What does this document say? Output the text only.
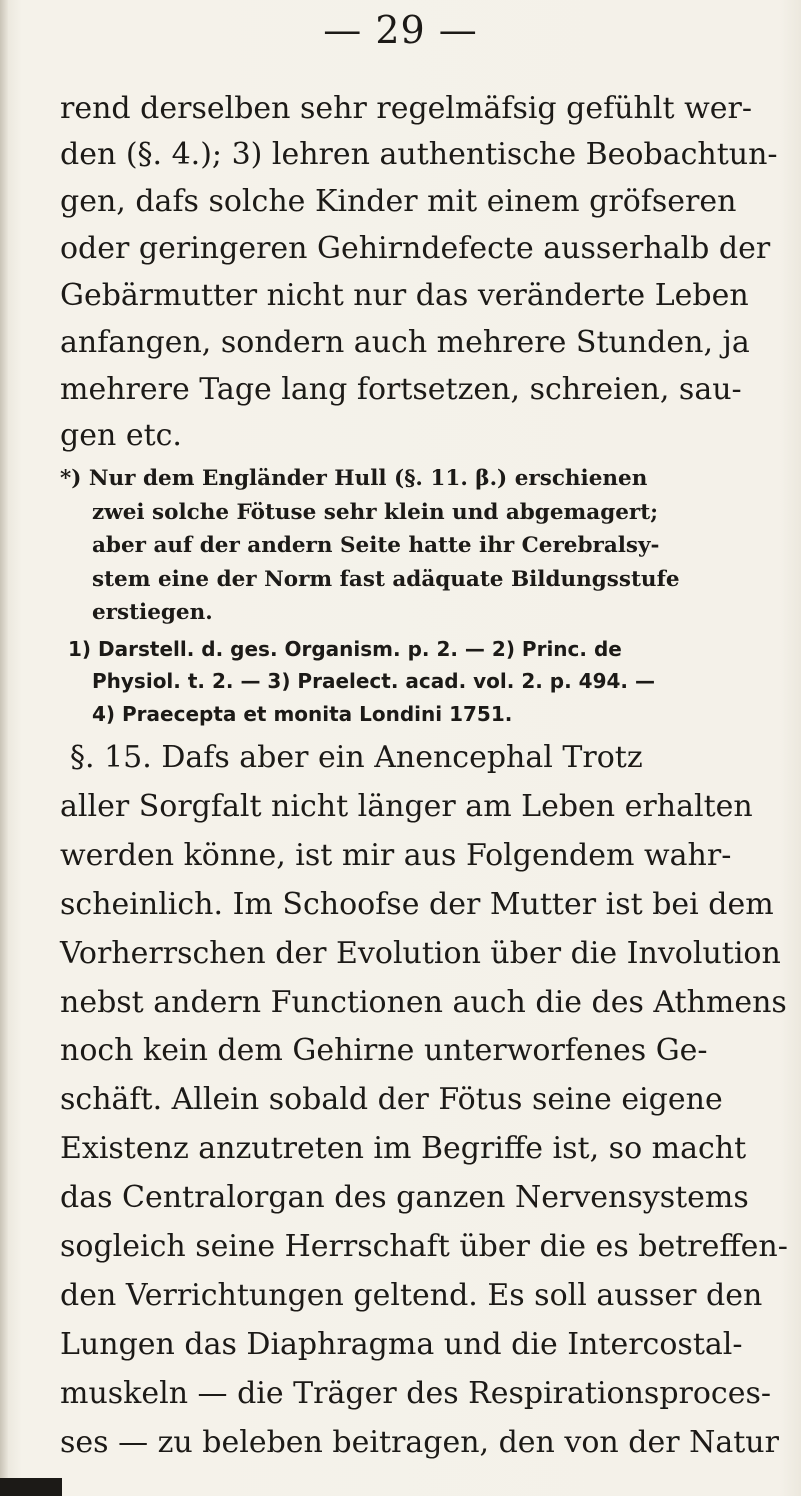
— 29 —
rend derselben sehr regelmäfsig gefühlt wer-
den (§. 4.); 3) lehren authentische Beobachtun-
gen, dafs solche Kinder mit einem gröfseren
oder geringeren Gehirndefecte ausserhalb der
Gebärmutter nicht nur das veränderte Leben
anfangen, sondern auch mehrere Stunden, ja
mehrere Tage lang fortsetzen, schreien, sau-
gen etc.
*) Nur dem Engländer Hull (§. 11. β.) erschienen
zwei solche Fötuse sehr klein und abgemagert;
aber auf der andern Seite hatte ihr Cerebralsy-
stem eine der Norm fast adäquate Bildungsstufe
erstiegen.
1) Darstell. d. ges. Organism. p. 2. — 2) Princ. de
Physiol. t. 2. — 3) Praelect. acad. vol. 2. p. 494. —
4) Praecepta et monita Londini 1751.
§. 15. Dafs aber ein Anencephal Trotz
aller Sorgfalt nicht länger am Leben erhalten
werden könne, ist mir aus Folgendem wahr-
scheinlich. Im Schoofse der Mutter ist bei dem
Vorherrschen der Evolution über die Involution
nebst andern Functionen auch die des Athmens
noch kein dem Gehirne unterworfenes Ge-
schäft. Allein sobald der Fötus seine eigene
Existenz anzutreten im Begriffe ist, so macht
das Centralorgan des ganzen Nervensystems
sogleich seine Herrschaft über die es betreffen-
den Verrichtungen geltend. Es soll ausser den
Lungen das Diaphragma und die Intercostal-
muskeln — die Träger des Respirationsproces-
ses — zu beleben beitragen, den von der Natur
